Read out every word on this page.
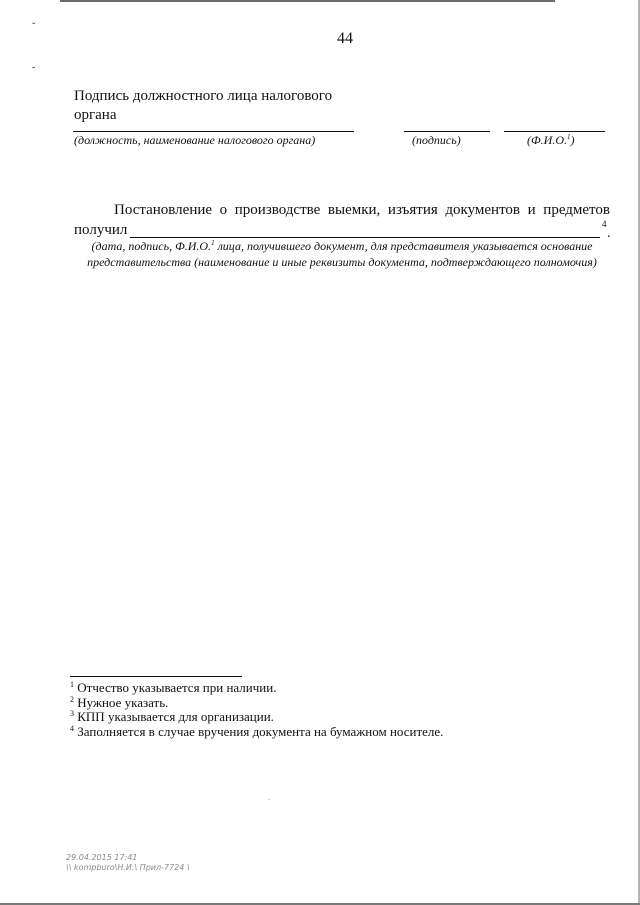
ˇ
-
44
Подпись должностного лица налогового органа
(должность, наименование налогового органа)	(подпись)	(Ф.И.О.$^1$)
Постановление о производстве выемки, изъятия документов и предметов
получил	4
.
(дата, подпись, Ф.И.О.$^1$ лица, получившего документ, для представителя указывается основание представительства (наименование и иные реквизиты документа, подтверждающего полномочия)
$^1$ Отчество указывается при наличии.
$^2$ Нужное указать.
$^3$ КПП указывается для организации.
$^4$ Заполняется в случае вручения документа на бумажном носителе.
.
29.04.2015 17:41
\\ kompburo\Н.И.\ Прил-7724 \
